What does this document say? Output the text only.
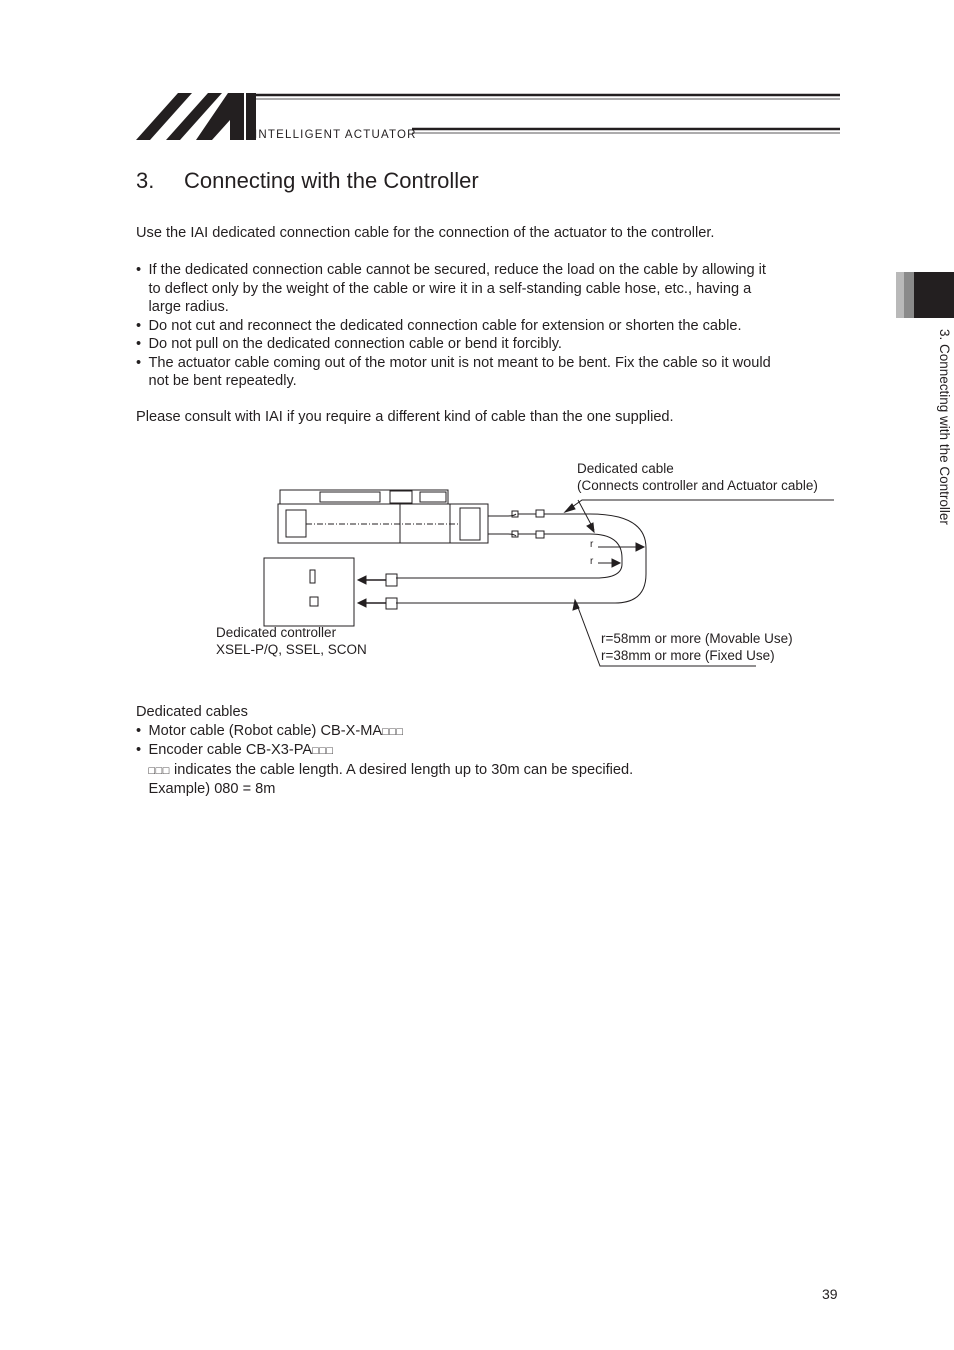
INTELLIGENT ACTUATOR
3. Connecting with the Controller
Use the IAI dedicated connection cable for the connection of the actuator to the controller.
• If the dedicated connection cable cannot be secured, reduce the load on the cable by allowing it
to deflect only by the weight of the cable or wire it in a self-standing cable hose, etc., having a
large radius.
• Do not cut and reconnect the dedicated connection cable for extension or shorten the cable.
• Do not pull on the dedicated connection cable or bend it forcibly.
• The actuator cable coming out of the motor unit is not meant to be bent. Fix the cable so it would
not be bent repeatedly.
Please consult with IAI if you require a different kind of cable than the one supplied.	3. Connecting with the Controller
Dedicated cable
(Connects controller and Actuator cable)
r
r
Dedicated controller
XSEL-P/Q, SSEL, SCON
r=58mm or more (Movable Use)
r=38mm or more (Fixed Use)
Dedicated cables
• Motor cable (Robot cable) CB-X-MA□□□
• Encoder cable CB-X3-PA□□□
□□□ indicates the cable length. A desired length up to 30m can be specified.
Example) 080 = 8m
39
